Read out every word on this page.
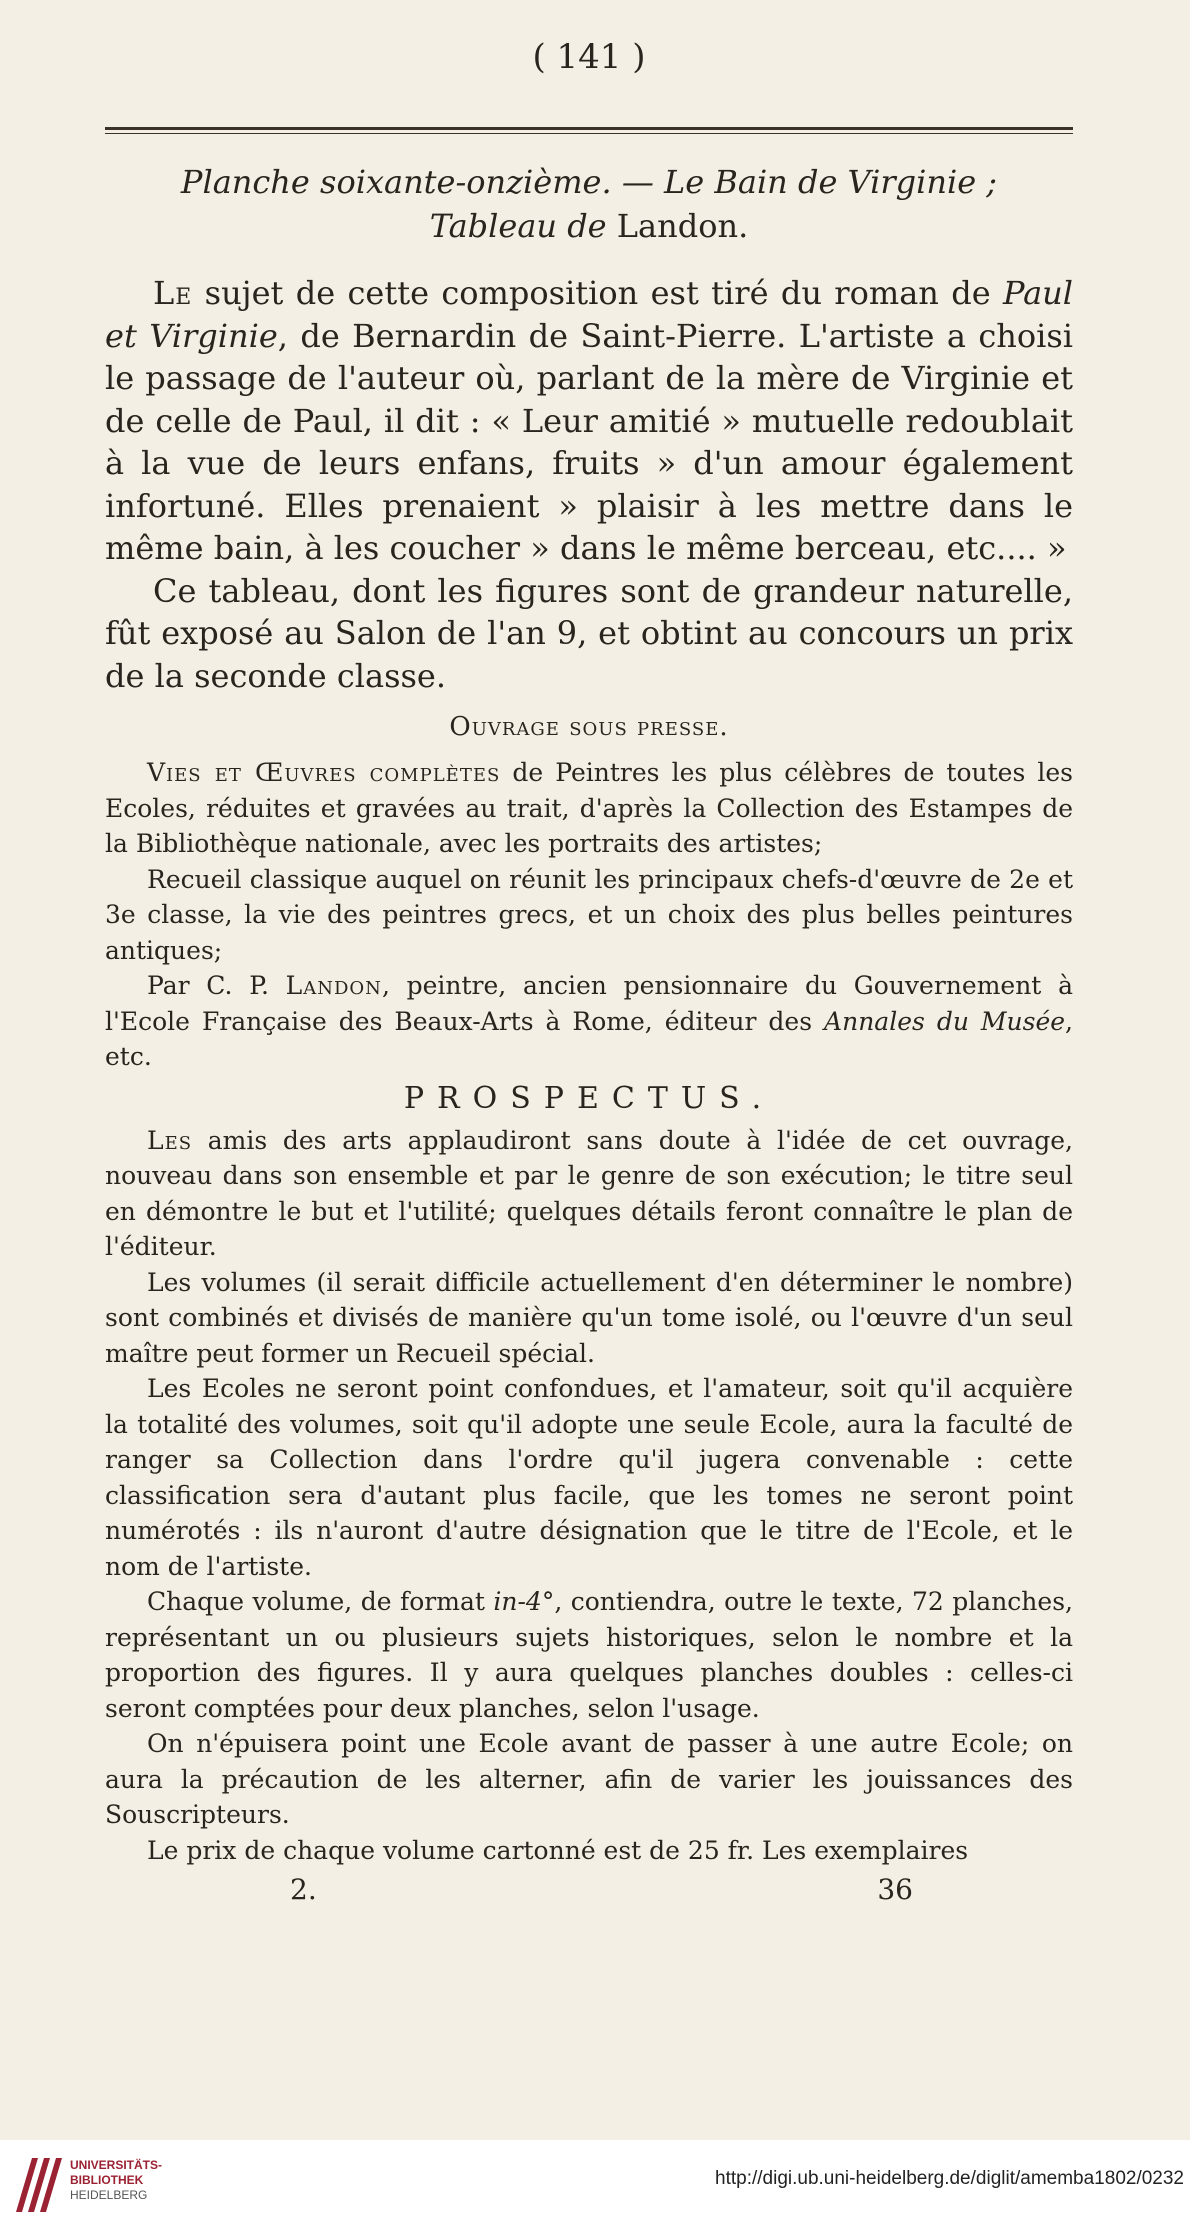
( 141 )

Planche soixante-onzième. — Le Bain de Virginie ;

Tableau de Landon.

Le sujet de cette composition est tiré du roman de Paul et Virginie, de Bernardin de Saint-Pierre. L'artiste a choisi le passage de l'auteur où, parlant de la mère de Virginie et de celle de Paul, il dit : « Leur amitié » mutuelle redoublait à la vue de leurs enfans, fruits » d'un amour également infortuné. Elles prenaient » plaisir à les mettre dans le même bain, à les coucher » dans le même berceau, etc.... »

Ce tableau, dont les figures sont de grandeur naturelle, fût exposé au Salon de l'an 9, et obtint au concours un prix de la seconde classe.

Ouvrage sous presse.

Vies et Œuvres complètes de Peintres les plus célèbres de toutes les Ecoles, réduites et gravées au trait, d'après la Collection des Estampes de la Bibliothèque nationale, avec les portraits des artistes;

Recueil classique auquel on réunit les principaux chefs-d'œuvre de 2e et 3e classe, la vie des peintres grecs, et un choix des plus belles peintures antiques;

Par C. P. Landon, peintre, ancien pensionnaire du Gouvernement à l'Ecole Française des Beaux-Arts à Rome, éditeur des Annales du Musée, etc.

PROSPECTUS.

Les amis des arts applaudiront sans doute à l'idée de cet ouvrage, nouveau dans son ensemble et par le genre de son exécution; le titre seul en démontre le but et l'utilité; quelques détails feront connaître le plan de l'éditeur.

Les volumes (il serait difficile actuellement d'en déterminer le nombre) sont combinés et divisés de manière qu'un tome isolé, ou l'œuvre d'un seul maître peut former un Recueil spécial.

Les Ecoles ne seront point confondues, et l'amateur, soit qu'il acquière la totalité des volumes, soit qu'il adopte une seule Ecole, aura la faculté de ranger sa Collection dans l'ordre qu'il jugera convenable : cette classification sera d'autant plus facile, que les tomes ne seront point numérotés : ils n'auront d'autre désignation que le titre de l'Ecole, et le nom de l'artiste.

Chaque volume, de format in-4°, contiendra, outre le texte, 72 planches, représentant un ou plusieurs sujets historiques, selon le nombre et la proportion des figures. Il y aura quelques planches doubles : celles-ci seront comptées pour deux planches, selon l'usage.

On n'épuisera point une Ecole avant de passer à une autre Ecole; on aura la précaution de les alterner, afin de varier les jouissances des Souscripteurs.

Le prix de chaque volume cartonné est de 25 fr. Les exemplaires

2.	36
UNIVERSITÄTS-
BIBLIOTHEK
HEIDELBERG
http://digi.ub.uni-heidelberg.de/diglit/amemba1802/0232
